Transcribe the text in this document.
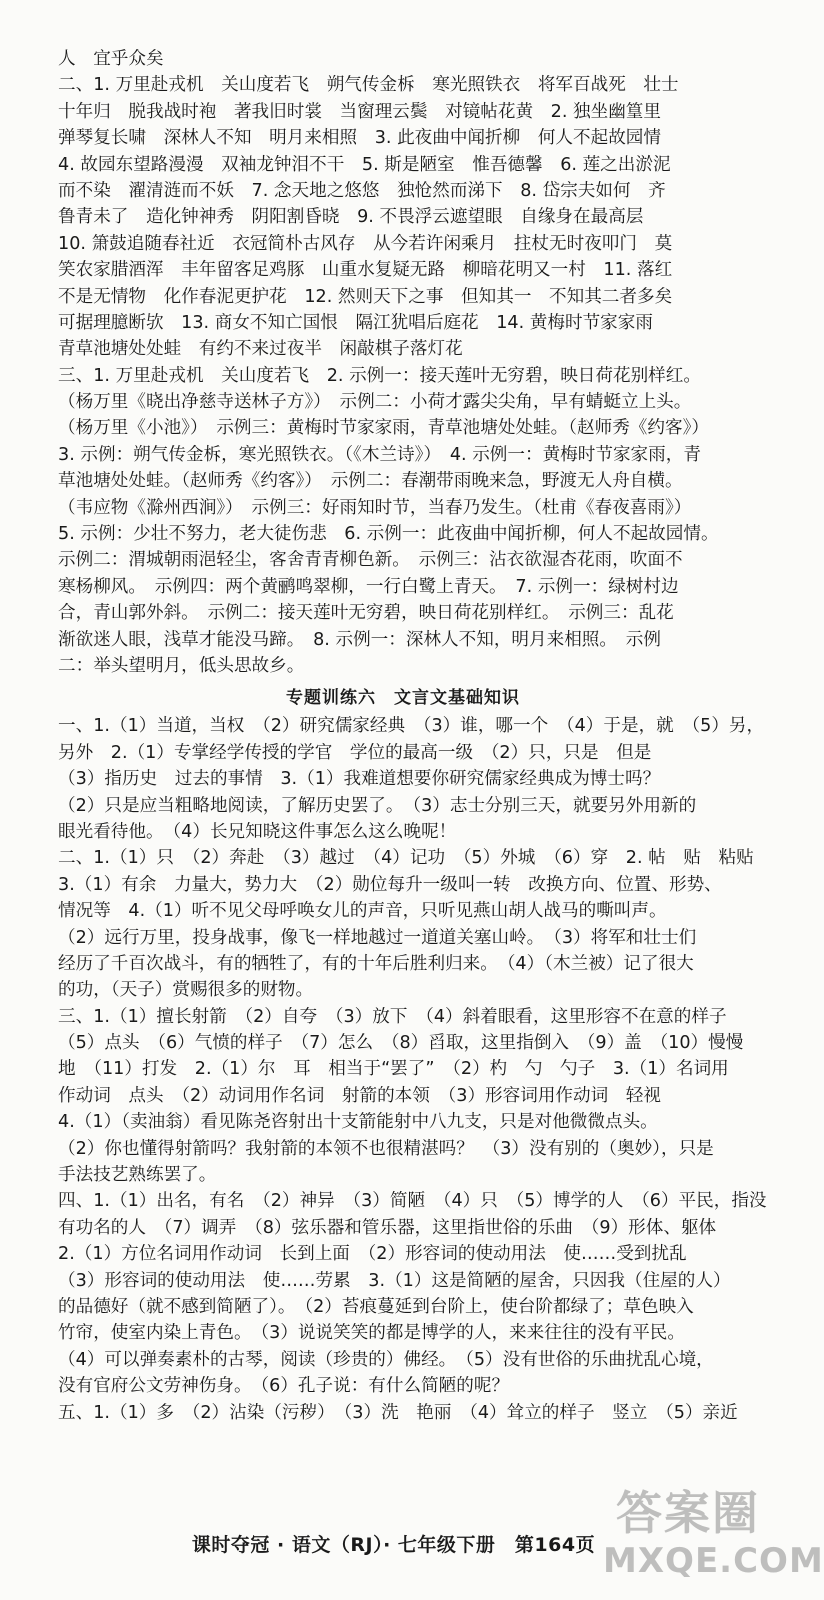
人　宜乎众矣
二、1. 万里赴戎机　关山度若飞　朔气传金柝　寒光照铁衣　将军百战死　壮士
十年归　脱我战时袍　著我旧时裳　当窗理云鬓　对镜帖花黄　2. 独坐幽篁里
弹琴复长啸　深林人不知　明月来相照　3. 此夜曲中闻折柳　何人不起故园情
4. 故园东望路漫漫　双袖龙钟泪不干　5. 斯是陋室　惟吾德馨　6. 莲之出淤泥
而不染　濯清涟而不妖　7. 念天地之悠悠　独怆然而涕下　8. 岱宗夫如何　齐
鲁青未了　造化钟神秀　阴阳割昏晓　9. 不畏浮云遮望眼　自缘身在最高层
10. 箫鼓追随春社近　衣冠简朴古风存　从今若许闲乘月　拄杖无时夜叩门　莫
笑农家腊酒浑　丰年留客足鸡豚　山重水复疑无路　柳暗花明又一村　11. 落红
不是无情物　化作春泥更护花　12. 然则天下之事　但知其一　不知其二者多矣
可据理臆断欤　13. 商女不知亡国恨　隔江犹唱后庭花　14. 黄梅时节家家雨
青草池塘处处蛙　有约不来过夜半　闲敲棋子落灯花
三、1. 万里赴戎机　关山度若飞　2. 示例一：接天莲叶无穷碧，映日荷花别样红。
（杨万里《晓出净慈寺送林子方》）　示例二：小荷才露尖尖角，早有蜻蜓立上头。
（杨万里《小池》）　示例三：黄梅时节家家雨，青草池塘处处蛙。（赵师秀《约客》）
3. 示例：朔气传金柝，寒光照铁衣。（《木兰诗》）　4. 示例一：黄梅时节家家雨，青
草池塘处处蛙。（赵师秀《约客》）　示例二：春潮带雨晚来急，野渡无人舟自横。
（韦应物《滁州西涧》）　示例三：好雨知时节，当春乃发生。（杜甫《春夜喜雨》）
5. 示例：少壮不努力，老大徒伤悲　6. 示例一：此夜曲中闻折柳，何人不起故园情。
示例二：渭城朝雨浥轻尘，客舍青青柳色新。　示例三：沾衣欲湿杏花雨，吹面不
寒杨柳风。　示例四：两个黄鹂鸣翠柳，一行白鹭上青天。　7. 示例一：绿树村边
合，青山郭外斜。　示例二：接天莲叶无穷碧，映日荷花别样红。　示例三：乱花
渐欲迷人眼，浅草才能没马蹄。　8. 示例一：深林人不知，明月来相照。　示例
二：举头望明月，低头思故乡。
专题训练六　文言文基础知识
一、1.（1）当道，当权　（2）研究儒家经典　（3）谁，哪一个　（4）于是，就　（5）另，
另外　2.（1）专掌经学传授的学官　学位的最高一级　（2）只，只是　但是
（3）指历史　过去的事情　3.（1）我难道想要你研究儒家经典成为博士吗？
（2）只是应当粗略地阅读，了解历史罢了。　（3）志士分别三天，就要另外用新的
眼光看待他。　（4）长兄知晓这件事怎么这么晚呢！
二、1.（1）只　（2）奔赴　（3）越过　（4）记功　（5）外城　（6）穿　2. 帖　贴　粘贴
3.（1）有余　力量大，势力大　（2）勋位每升一级叫一转　改换方向、位置、形势、
情况等　4.（1）听不见父母呼唤女儿的声音，只听见燕山胡人战马的嘶叫声。
（2）远行万里，投身战事，像飞一样地越过一道道关塞山岭。　（3）将军和壮士们
经历了千百次战斗，有的牺牲了，有的十年后胜利归来。　（4）（木兰被）记了很大
的功，（天子）赏赐很多的财物。
三、1.（1）擅长射箭　（2）自夸　（3）放下　（4）斜着眼看，这里形容不在意的样子
（5）点头　（6）气愤的样子　（7）怎么　（8）舀取，这里指倒入　（9）盖　（10）慢慢
地　（11）打发　2.（1）尔　耳　相当于“罢了”　（2）杓　勺　勺子　3.（1）名词用
作动词　点头　（2）动词用作名词　射箭的本领　（3）形容词用作动词　轻视
4.（1）（卖油翁）看见陈尧咨射出十支箭能射中八九支，只是对他微微点头。
（2）你也懂得射箭吗？我射箭的本领不也很精湛吗？　（3）没有别的（奥妙），只是
手法技艺熟练罢了。
四、1.（1）出名，有名　（2）神异　（3）简陋　（4）只　（5）博学的人　（6）平民，指没
有功名的人　（7）调弄　（8）弦乐器和管乐器，这里指世俗的乐曲　（9）形体、躯体
2.（1）方位名词用作动词　长到上面　（2）形容词的使动用法　使……受到扰乱
（3）形容词的使动用法　使……劳累　3.（1）这是简陋的屋舍，只因我（住屋的人）
的品德好（就不感到简陋了）。　（2）苔痕蔓延到台阶上，使台阶都绿了；草色映入
竹帘，使室内染上青色。　（3）说说笑笑的都是博学的人，来来往往的没有平民。
（4）可以弹奏素朴的古琴，阅读（珍贵的）佛经。　（5）没有世俗的乐曲扰乱心境，
没有官府公文劳神伤身。　（6）孔子说：有什么简陋的呢？
五、1.（1）多　（2）沾染（污秽）　（3）洗　艳丽　（4）耸立的样子　竖立　（5）亲近
课时夺冠 · 语文（RJ）· 七年级下册　第164页
答案圈
MXQE.COM
